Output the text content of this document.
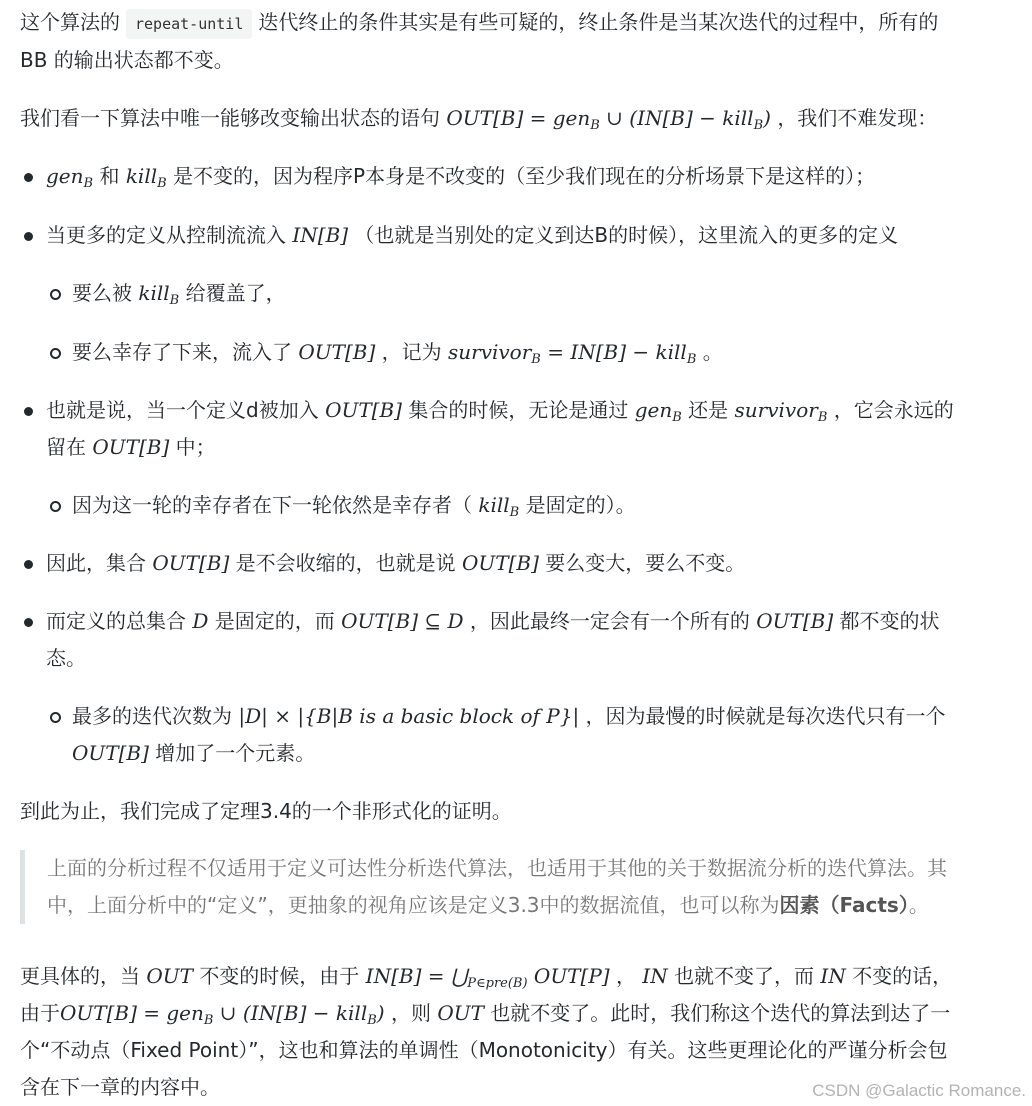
这个算法的 repeat-until 迭代终止的条件其实是有些可疑的，终止条件是当某次迭代的过程中，所有的
BB 的输出状态都不变。
我们看一下算法中唯一能够改变输出状态的语句 OUT[B] = gen$_B$ ∪ (IN[B] − kill$_B$) ，我们不难发现：
gen$_B$ 和 kill$_B$ 是不变的，因为程序P本身是不改变的（至少我们现在的分析场景下是这样的）；
当更多的定义从控制流流入 IN[B] （也就是当别处的定义到达B的时候），这里流入的更多的定义
要么被 kill$_B$ 给覆盖了，
要么幸存了下来，流入了 OUT[B] ，记为 survivor$_B$ = IN[B] − kill$_B$ 。
也就是说，当一个定义d被加入 OUT[B] 集合的时候，无论是通过 gen$_B$ 还是 survivor$_B$ ，它会永远的
留在 OUT[B] 中；
因为这一轮的幸存者在下一轮依然是幸存者（ kill$_B$ 是固定的）。
因此，集合 OUT[B] 是不会收缩的，也就是说 OUT[B] 要么变大，要么不变。
而定义的总集合 D 是固定的，而 OUT[B] ⊆ D ，因此最终一定会有一个所有的 OUT[B] 都不变的状
态。
最多的迭代次数为 |D| × |{B|B is a basic block of P}| ，因为最慢的时候就是每次迭代只有一个
OUT[B] 增加了一个元素。
到此为止，我们完成了定理3.4的一个非形式化的证明。
上面的分析过程不仅适用于定义可达性分析迭代算法，也适用于其他的关于数据流分析的迭代算法。其
中，上面分析中的“定义”，更抽象的视角应该是定义3.3中的数据流值，也可以称为因素（Facts）。
更具体的，当 OUT 不变的时候，由于 $IN[B] = ⋃_{P\in pre(B)}$ OUT[P] ， IN 也就不变了，而 IN 不变的话，
由于OUT[B] = gen$_B$ ∪ (IN[B] − kill$_B$) ，则 OUT 也就不变了。此时，我们称这个迭代的算法到达了一
个“不动点（Fixed Point）”，这也和算法的单调性（Monotonicity）有关。这些更理论化的严谨分析会包
含在下一章的内容中。	CSDN @Galactic Romance.
